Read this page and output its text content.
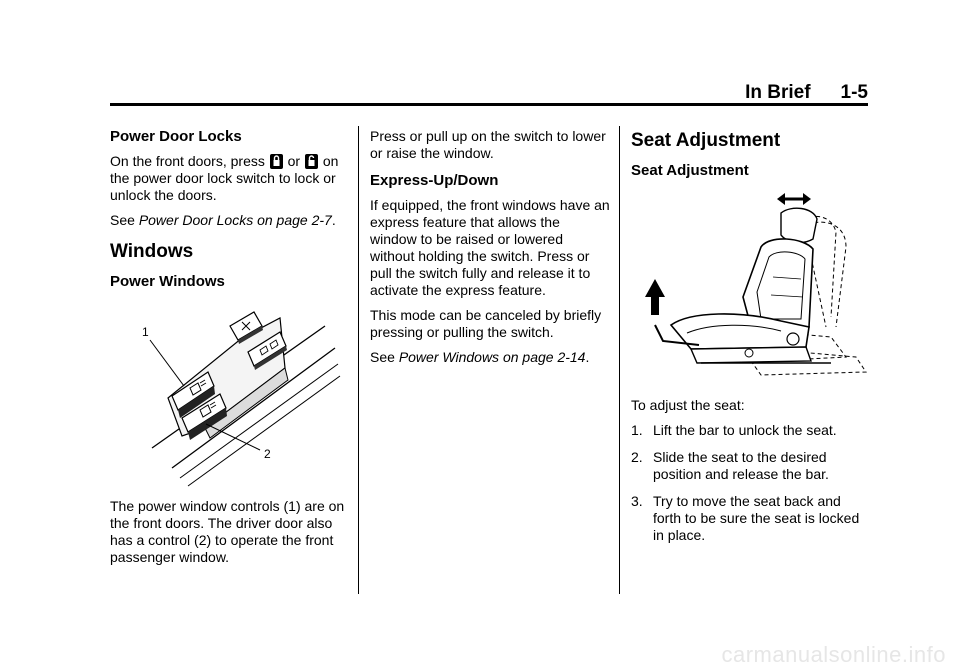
In Brief 1-5
Power Door Locks

On the front doors, press or on the power door lock switch to lock or unlock the doors.

See Power Door Locks on page 2-7.

Windows
Power Windows
1
2

The power window controls (1) are on the front doors. The driver door also has a control (2) to operate the front passenger window.

Press or pull up on the switch to lower or raise the window.

Express-Up/Down

If equipped, the front windows have an express feature that allows the window to be raised or lowered without holding the switch. Press or pull the switch fully and release it to activate the express feature.

This mode can be canceled by briefly pressing or pulling the switch.

See Power Windows on page 2-14.

Seat Adjustment
Seat Adjustment

To adjust the seat:

1. Lift the bar to unlock the seat.
2. Slide the seat to the desired position and release the bar.
3. Try to move the seat back and forth to be sure the seat is locked in place.
carmanualsonline.info
